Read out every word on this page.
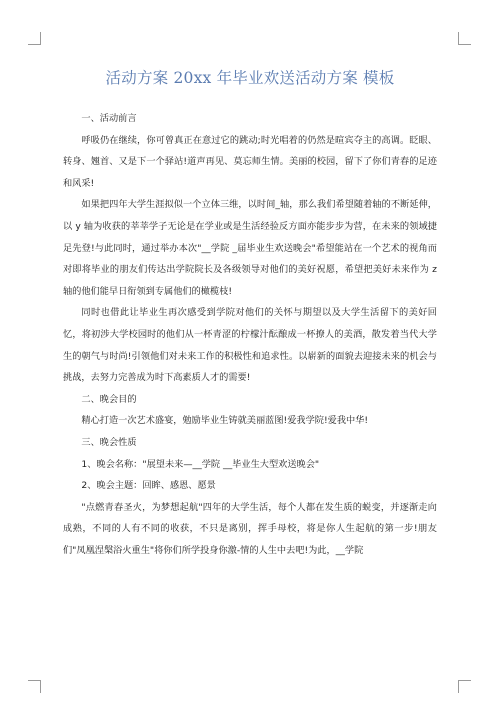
活动方案 20xx 年毕业欢送活动方案 模板

一、活动前言

呼吸仍在继续，你可曾真正在意过它的跳动;时光唱着的仍然是暄宾夺主的高调。眨眼、转身、翘首、又是下一个驿站!道声再见、莫忘师生情。美丽的校园，留下了你们青春的足迹和风采!

如果把四年大学生涯拟似一个立体三维，以时间_轴，那么我们希望随着轴的不断延伸，以 y 轴为收获的莘莘学子无论是在学业或是生活经验反方面亦能步步为营，在未来的领域捷足先登!与此同时，通过举办本次"__学院 _届毕业生欢送晚会"希望能站在一个艺术的视角而对即将毕业的朋友们传达出学院院长及各级领导对他们的美好祝愿，希望把美好未来作为 z 轴的他们能早日衔领到专属他们的橄榄枝!

同时也借此让毕业生再次感受到学院对他们的关怀与期望以及大学生活留下的美好回忆，将初涉大学校园时的他们从一杯青涩的柠檬汁酝酿成一杯撩人的美酒，散发着当代大学生的朝气与时尚!引领他们对未来工作的积极性和追求性。以崭新的面貌去迎接未来的机会与挑战，去努力完善成为时下高素质人才的需要!

二、晚会目的

精心打造一次艺术盛宴，勉励毕业生铸就美丽蓝图!爱我学院!爱我中华!

三、晚会性质

1、晚会名称："展望未来—__学院 __毕业生大型欢送晚会"

2、晚会主题：回眸、感恩、愿景

"点燃青春圣火，为梦想起航"四年的大学生活，每个人都在发生质的蜕变，并逐渐走向成熟，不同的人有不同的收获，不只是离别，挥手母校，将是你人生起航的第一步!朋友们"凤凰涅槃浴火重生"将你们所学投身你激-情的人生中去吧!为此，__学院
